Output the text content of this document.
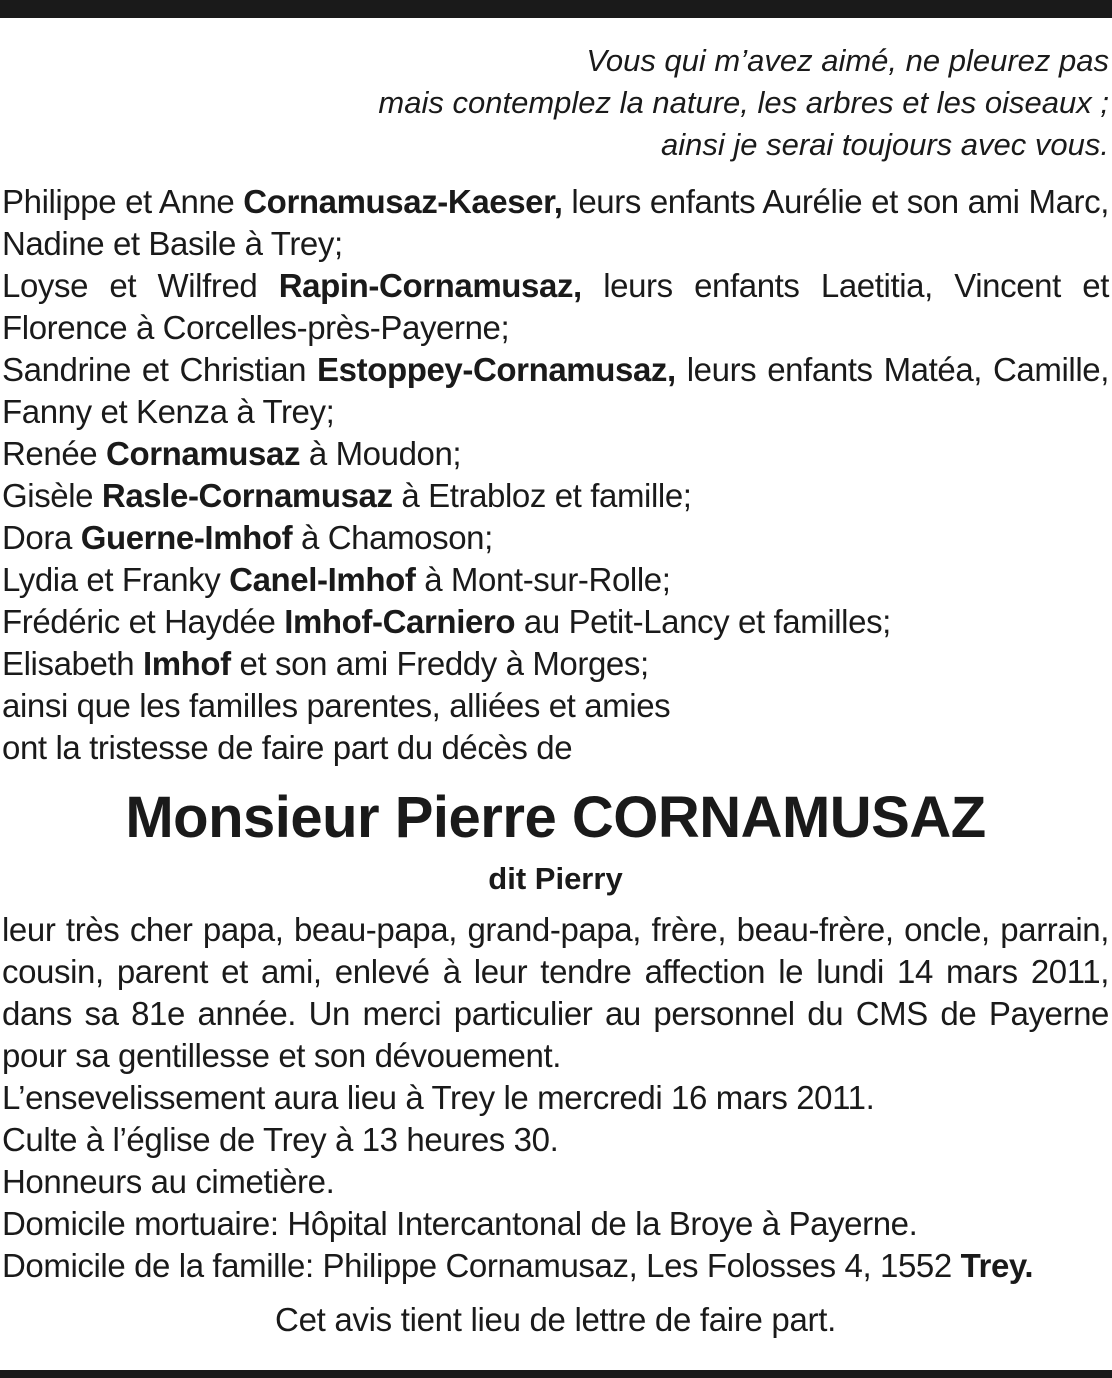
Vous qui m’avez aimé, ne pleurez pas
mais contemplez la nature, les arbres et les oiseaux ;
ainsi je serai toujours avec vous.
Philippe et Anne Cornamusaz-Kaeser, leurs enfants Aurélie et son ami Marc, Nadine et Basile à Trey;
Loyse et Wilfred Rapin-Cornamusaz, leurs enfants Laetitia, Vincent et Florence à Corcelles-près-Payerne;
Sandrine et Christian Estoppey-Cornamusaz, leurs enfants Matéa, Camille, Fanny et Kenza à Trey;
Renée Cornamusaz à Moudon;
Gisèle Rasle-Cornamusaz à Etrabloz et famille;
Dora Guerne-Imhof à Chamoson;
Lydia et Franky Canel-Imhof à Mont-sur-Rolle;
Frédéric et Haydée Imhof-Carniero au Petit-Lancy et familles;
Elisabeth Imhof et son ami Freddy à Morges;
ainsi que les familles parentes, alliées et amies
ont la tristesse de faire part du décès de
Monsieur Pierre CORNAMUSAZ
dit Pierry
leur très cher papa, beau-papa, grand-papa, frère, beau-frère, oncle, parrain, cousin, parent et ami, enlevé à leur tendre affection le lundi 14 mars 2011, dans sa 81e année. Un merci particulier au personnel du CMS de Payerne pour sa gentillesse et son dévouement.
L’ensevelissement aura lieu à Trey le mercredi 16 mars 2011.
Culte à l’église de Trey à 13 heures 30.
Honneurs au cimetière.
Domicile mortuaire: Hôpital Intercantonal de la Broye à Payerne.
Domicile de la famille: Philippe Cornamusaz, Les Folosses 4, 1552 Trey.
Cet avis tient lieu de lettre de faire part.
